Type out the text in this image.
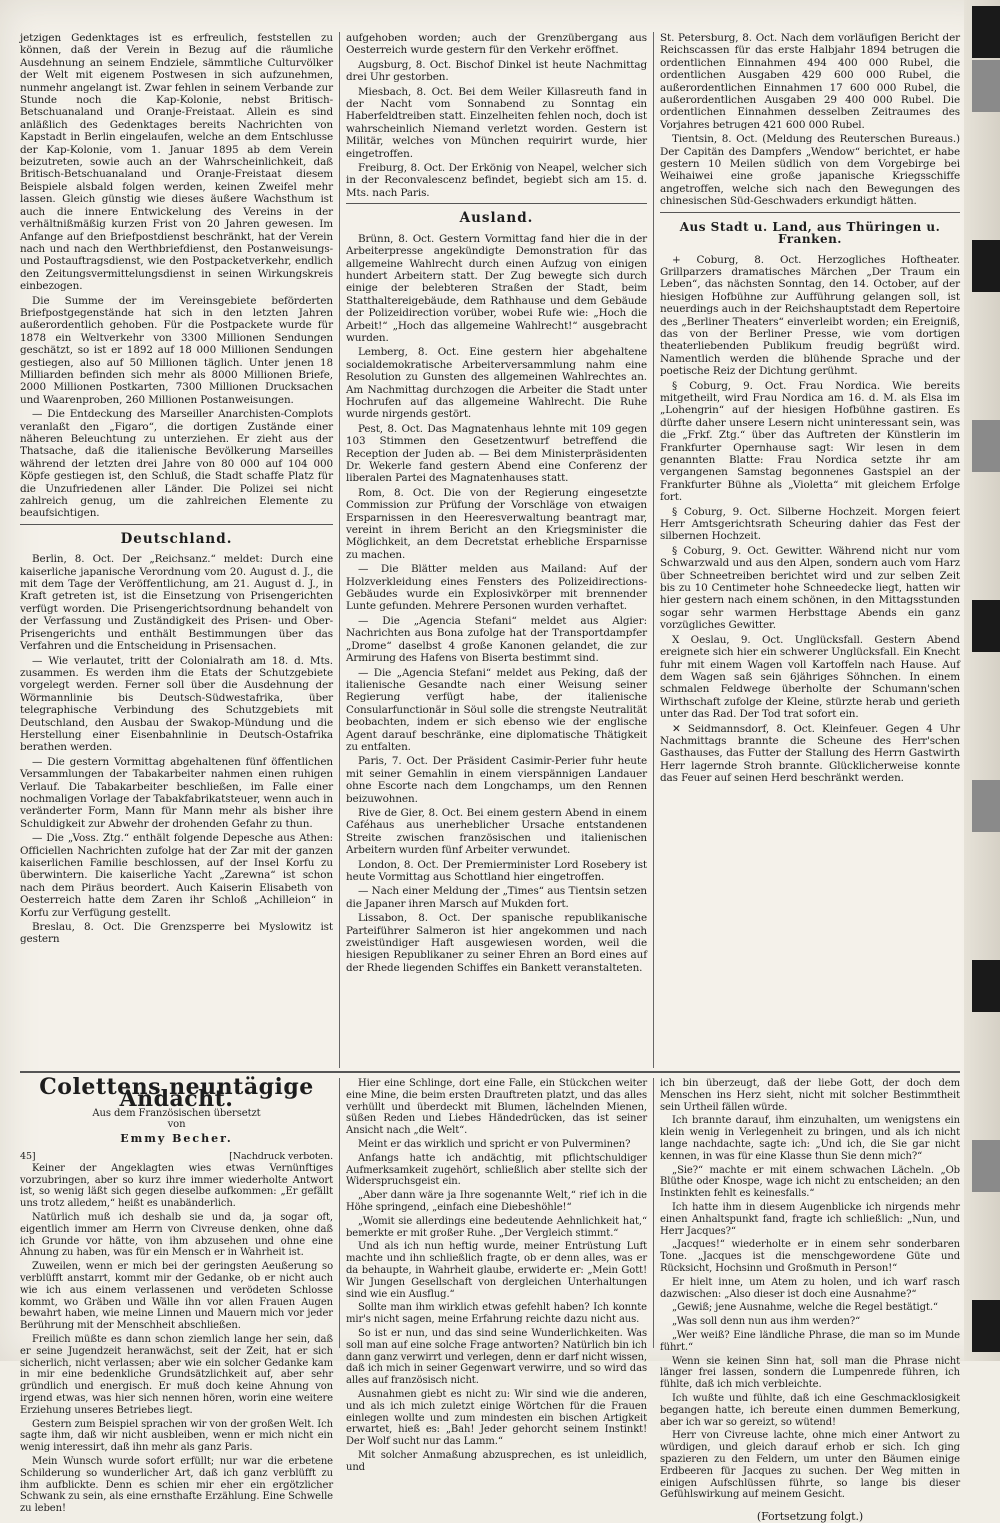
jetzigen Gedenktages ist es erfreulich, feststellen zu können, daß der Verein in Bezug auf die räumliche Ausdehnung an seinem Endziele, sämmtliche Culturvölker der Welt mit eigenem Postwesen in sich aufzunehmen, nunmehr angelangt ist. Zwar fehlen in seinem Verbande zur Stunde noch die Kap-Kolonie, nebst Britisch-Betschuanaland und Oranje-Freistaat. Allein es sind anläßlich des Gedenktages bereits Nachrichten von Kapstadt in Berlin eingelaufen, welche an dem Entschlusse der Kap-Kolonie, vom 1. Januar 1895 ab dem Verein beizutreten, sowie auch an der Wahrscheinlichkeit, daß Britisch-Betschuanaland und Oranje-Freistaat diesem Beispiele alsbald folgen werden, keinen Zweifel mehr lassen. Gleich günstig wie dieses äußere Wachsthum ist auch die innere Entwickelung des Vereins in der verhältnißmäßig kurzen Frist von 20 Jahren gewesen. Im Anfange auf den Briefpostdienst beschränkt, hat der Verein nach und nach den Werthbriefdienst, den Postanweisungs- und Postauftragsdienst, wie den Postpacketverkehr, endlich den Zeitungsvermittelungsdienst in seinen Wirkungskreis einbezogen.

Die Summe der im Vereinsgebiete beförderten Briefpostgegenstände hat sich in den letzten Jahren außerordentlich gehoben. Für die Postpackete wurde für 1878 ein Weltverkehr von 3300 Millionen Sendungen geschätzt, so ist er 1892 auf 18 000 Millionen Sendungen gestiegen, also auf 50 Millionen täglich. Unter jenen 18 Milliarden befinden sich mehr als 8000 Millionen Briefe, 2000 Millionen Postkarten, 7300 Millionen Drucksachen und Waarenproben, 260 Millionen Postanweisungen.

— Die Entdeckung des Marseiller Anarchisten-Complots veranlaßt den „Figaro“, die dortigen Zustände einer näheren Beleuchtung zu unterziehen. Er zieht aus der Thatsache, daß die italienische Bevölkerung Marseilles während der letzten drei Jahre von 80 000 auf 104 000 Köpfe gestiegen ist, den Schluß, die Stadt schaffe Platz für die Unzufriedenen aller Länder. Die Polizei sei nicht zahlreich genug, um die zahlreichen Elemente zu beaufsichtigen.

Deutschland.

Berlin, 8. Oct. Der „Reichsanz.“ meldet: Durch eine kaiserliche japanische Verordnung vom 20. August d. J., die mit dem Tage der Veröffentlichung, am 21. August d. J., in Kraft getreten ist, ist die Einsetzung von Prisengerichten verfügt worden. Die Prisengerichtsordnung behandelt von der Verfassung und Zuständigkeit des Prisen- und Ober-Prisengerichts und enthält Bestimmungen über das Verfahren und die Entscheidung in Prisensachen.

— Wie verlautet, tritt der Colonialrath am 18. d. Mts. zusammen. Es werden ihm die Etats der Schutzgebiete vorgelegt werden. Ferner soll über die Ausdehnung der Wörmannlinie bis Deutsch-Südwestafrika, über telegraphische Verbindung des Schutzgebiets mit Deutschland, den Ausbau der Swakop-Mündung und die Herstellung einer Eisenbahnlinie in Deutsch-Ostafrika berathen werden.

— Die gestern Vormittag abgehaltenen fünf öffentlichen Versammlungen der Tabakarbeiter nahmen einen ruhigen Verlauf. Die Tabakarbeiter beschließen, im Falle einer nochmaligen Vorlage der Tabakfabrikatsteuer, wenn auch in veränderter Form, Mann für Mann mehr als bisher ihre Schuldigkeit zur Abwehr der drohenden Gefahr zu thun.

— Die „Voss. Ztg.“ enthält folgende Depesche aus Athen: Officiellen Nachrichten zufolge hat der Zar mit der ganzen kaiserlichen Familie beschlossen, auf der Insel Korfu zu überwintern. Die kaiserliche Yacht „Zarewna“ ist schon nach dem Piräus beordert. Auch Kaiserin Elisabeth von Oesterreich hatte dem Zaren ihr Schloß „Achilleion“ in Korfu zur Verfügung gestellt.

Breslau, 8. Oct. Die Grenzsperre bei Myslowitz ist gestern

aufgehoben worden; auch der Grenzübergang aus Oesterreich wurde gestern für den Verkehr eröffnet.

Augsburg, 8. Oct. Bischof Dinkel ist heute Nachmittag drei Uhr gestorben.

Miesbach, 8. Oct. Bei dem Weiler Killasreuth fand in der Nacht vom Sonnabend zu Sonntag ein Haberfeldtreiben statt. Einzelheiten fehlen noch, doch ist wahrscheinlich Niemand verletzt worden. Gestern ist Militär, welches von München requirirt wurde, hier eingetroffen.

Freiburg, 8. Oct. Der Erkönig von Neapel, welcher sich in der Reconvalescenz befindet, begiebt sich am 15. d. Mts. nach Paris.

Ausland.

Brünn, 8. Oct. Gestern Vormittag fand hier die in der Arbeiterpresse angekündigte Demonstration für das allgemeine Wahlrecht durch einen Aufzug von einigen hundert Arbeitern statt. Der Zug bewegte sich durch einige der belebteren Straßen der Stadt, beim Statthaltereigebäude, dem Rathhause und dem Gebäude der Polizeidirection vorüber, wobei Rufe wie: „Hoch die Arbeit!“ „Hoch das allgemeine Wahlrecht!“ ausgebracht wurden.

Lemberg, 8. Oct. Eine gestern hier abgehaltene socialdemokratische Arbeiterversammlung nahm eine Resolution zu Gunsten des allgemeinen Wahlrechtes an. Am Nachmittag durchzogen die Arbeiter die Stadt unter Hochrufen auf das allgemeine Wahlrecht. Die Ruhe wurde nirgends gestört.

Pest, 8. Oct. Das Magnatenhaus lehnte mit 109 gegen 103 Stimmen den Gesetzentwurf betreffend die Reception der Juden ab. — Bei dem Ministerpräsidenten Dr. Wekerle fand gestern Abend eine Conferenz der liberalen Partei des Magnatenhauses statt.

Rom, 8. Oct. Die von der Regierung eingesetzte Commission zur Prüfung der Vorschläge von etwaigen Ersparnissen in den Heeresverwaltung beantragt mar, vereint in ihrem Bericht an den Kriegsminister die Möglichkeit, an dem Decretstat erhebliche Ersparnisse zu machen.

— Die Blätter melden aus Mailand: Auf der Holzverkleidung eines Fensters des Polizeidirections-Gebäudes wurde ein Explosivkörper mit brennender Lunte gefunden. Mehrere Personen wurden verhaftet.

— Die „Agencia Stefani“ meldet aus Algier: Nachrichten aus Bona zufolge hat der Transportdampfer „Drome“ daselbst 4 große Kanonen gelandet, die zur Armirung des Hafens von Biserta bestimmt sind.

— Die „Agencia Stefani“ meldet aus Peking, daß der italienische Gesandte nach einer Weisung seiner Regierung verfügt habe, der italienische Consularfunctionär in Söul solle die strengste Neutralität beobachten, indem er sich ebenso wie der englische Agent darauf beschränke, eine diplomatische Thätigkeit zu entfalten.

Paris, 7. Oct. Der Präsident Casimir-Perier fuhr heute mit seiner Gemahlin in einem vierspännigen Landauer ohne Escorte nach dem Longchamps, um den Rennen beizuwohnen.

Rive de Gier, 8. Oct. Bei einem gestern Abend in einem Caféhaus aus unerheblicher Ursache entstandenen Streite zwischen französischen und italienischen Arbeitern wurden fünf Arbeiter verwundet.

London, 8. Oct. Der Premierminister Lord Rosebery ist heute Vormittag aus Schottland hier eingetroffen.

— Nach einer Meldung der „Times“ aus Tientsin setzen die Japaner ihren Marsch auf Mukden fort.

Lissabon, 8. Oct. Der spanische republikanische Parteiführer Salmeron ist hier angekommen und nach zweistündiger Haft ausgewiesen worden, weil die hiesigen Republikaner zu seiner Ehren an Bord eines auf der Rhede liegenden Schiffes ein Bankett veranstalteten.

St. Petersburg, 8. Oct. Nach dem vorläufigen Bericht der Reichscassen für das erste Halbjahr 1894 betrugen die ordentlichen Einnahmen 494 400 000 Rubel, die ordentlichen Ausgaben 429 600 000 Rubel, die außerordentlichen Einnahmen 17 600 000 Rubel, die außerordentlichen Ausgaben 29 400 000 Rubel. Die ordentlichen Einnahmen desselben Zeitraumes des Vorjahres betrugen 421 600 000 Rubel.

Tientsin, 8. Oct. (Meldung des Reuterschen Bureaus.) Der Capitän des Dampfers „Wendow“ berichtet, er habe gestern 10 Meilen südlich von dem Vorgebirge bei Weihaiwei eine große japanische Kriegsschiffe angetroffen, welche sich nach den Bewegungen des chinesischen Süd-Geschwaders erkundigt hätten.

Aus Stadt u. Land, aus Thüringen u. Franken.

+ Coburg, 8. Oct. Herzogliches Hoftheater. Grillparzers dramatisches Märchen „Der Traum ein Leben“, das nächsten Sonntag, den 14. October, auf der hiesigen Hofbühne zur Aufführung gelangen soll, ist neuerdings auch in der Reichshauptstadt dem Repertoire des „Berliner Theaters“ einverleibt worden; ein Ereigniß, das von der Berliner Presse, wie vom dortigen theaterliebenden Publikum freudig begrüßt wird. Namentlich werden die blühende Sprache und der poetische Reiz der Dichtung gerühmt.

§ Coburg, 9. Oct. Frau Nordica. Wie bereits mitgetheilt, wird Frau Nordica am 16. d. M. als Elsa im „Lohengrin“ auf der hiesigen Hofbühne gastiren. Es dürfte daher unsere Lesern nicht uninteressant sein, was die „Frkf. Ztg.“ über das Auftreten der Künstlerin im Frankfurter Opernhause sagt: Wir lesen in dem genannten Blatte: Frau Nordica setzte ihr am vergangenen Samstag begonnenes Gastspiel an der Frankfurter Bühne als „Violetta“ mit gleichem Erfolge fort.

§ Coburg, 9. Oct. Silberne Hochzeit. Morgen feiert Herr Amtsgerichtsrath Scheuring dahier das Fest der silbernen Hochzeit.

§ Coburg, 9. Oct. Gewitter. Während nicht nur vom Schwarzwald und aus den Alpen, sondern auch vom Harz über Schneetreiben berichtet wird und zur selben Zeit bis zu 10 Centimeter hohe Schneedecke liegt, hatten wir hier gestern nach einem schönen, in den Mittagsstunden sogar sehr warmen Herbsttage Abends ein ganz vorzügliches Gewitter.

X Oeslau, 9. Oct. Unglücksfall. Gestern Abend ereignete sich hier ein schwerer Unglücksfall. Ein Knecht fuhr mit einem Wagen voll Kartoffeln nach Hause. Auf dem Wagen saß sein 6jähriges Söhnchen. In einem schmalen Feldwege überholte der Schumann'schen Wirthschaft zufolge der Kleine, stürzte herab und gerieth unter das Rad. Der Tod trat sofort ein.

✕ Seidmannsdorf, 8. Oct. Kleinfeuer. Gegen 4 Uhr Nachmittags brannte die Scheune des Herr'schen Gasthauses, das Futter der Stallung des Herrn Gastwirth Herr lagernde Stroh brannte. Glücklicherweise konnte das Feuer auf seinen Herd beschränkt werden.

Colettens neuntägige Andacht.
Aus dem Französischen übersetzt
von
Emmy Becher.
45]	[Nachdruck verboten.

Keiner der Angeklagten wies etwas Vernünftiges vorzubringen, aber so kurz ihre immer wiederholte Antwort ist, so wenig läßt sich gegen dieselbe aufkommen: „Er gefällt uns trotz alledem,“ heißt es unabänderlich.

Natürlich muß ich deshalb sie und da, ja sogar oft, eigentlich immer am Herrn von Civreuse denken, ohne daß ich Grunde vor hätte, von ihm abzusehen und ohne eine Ahnung zu haben, was für ein Mensch er in Wahrheit ist.

Zuweilen, wenn er mich bei der geringsten Aeußerung so verblüfft anstarrt, kommt mir der Gedanke, ob er nicht auch wie ich aus einem verlassenen und verödeten Schlosse kommt, wo Gräben und Wälle ihn vor allen Frauen Augen bewahrt haben, wie meine Linnen und Mauern mich vor jeder Berührung mit der Menschheit abschließen.

Freilich müßte es dann schon ziemlich lange her sein, daß er seine Jugendzeit heranwächst, seit der Zeit, hat er sich sicherlich, nicht verlassen; aber wie ein solcher Gedanke kam in mir eine bedenkliche Grundsätzlichkeit auf, aber sehr gründlich und energisch. Er muß doch keine Ahnung von irgend etwas, was hier sich nennen hören, worin eine weitere Erziehung unseres Betriebes liegt.

Gestern zum Beispiel sprachen wir von der großen Welt. Ich sagte ihm, daß wir nicht ausbleiben, wenn er mich nicht ein wenig interessirt, daß ihn mehr als ganz Paris.

Mein Wunsch wurde sofort erfüllt; nur war die erbetene Schilderung so wunderlicher Art, daß ich ganz verblüfft zu ihm aufblickte. Denn es schien mir eher ein ergötzlicher Schwank zu sein, als eine ernsthafte Erzählung. Eine Schwelle zu leben!

Hier eine Schlinge, dort eine Falle, ein Stückchen weiter eine Mine, die beim ersten Drauftreten platzt, und das alles verhüllt und überdeckt mit Blumen, lächelnden Mienen, süßen Reden und Liebes Händedrücken, das ist seiner Ansicht nach „die Welt“.

Meint er das wirklich und spricht er von Pulverminen?

Anfangs hatte ich andächtig, mit pflichtschuldiger Aufmerksamkeit zugehört, schließlich aber stellte sich der Widerspruchsgeist ein.

„Aber dann wäre ja Ihre sogenannte Welt,“ rief ich in die Höhe springend, „einfach eine Diebeshöhle!“

„Womit sie allerdings eine bedeutende Aehnlichkeit hat,“ bemerkte er mit großer Ruhe. „Der Vergleich stimmt.“

Und als ich nun heftig wurde, meiner Entrüstung Luft machte und ihn schließlich fragte, ob er denn alles, was er da behaupte, in Wahrheit glaube, erwiderte er: „Mein Gott! Wir Jungen Gesellschaft von dergleichen Unterhaltungen sind wie ein Ausflug.“

Sollte man ihm wirklich etwas gefehlt haben? Ich konnte mir's nicht sagen, meine Erfahrung reichte dazu nicht aus.

So ist er nun, und das sind seine Wunderlichkeiten. Was soll man auf eine solche Frage antworten? Natürlich bin ich dann ganz verwirrt und verlegen, denn er darf nicht wissen, daß ich mich in seiner Gegenwart verwirre, und so wird das alles auf französisch nicht.

Ausnahmen giebt es nicht zu: Wir sind wie die anderen, und als ich mich zuletzt einige Wörtchen für die Frauen einlegen wollte und zum mindesten ein bischen Artigkeit erwartet, hieß es: „Bah! Jeder gehorcht seinem Instinkt! Der Wolf sucht nur das Lamm.“

Mit solcher Anmaßung abzusprechen, es ist unleidlich, und

ich bin überzeugt, daß der liebe Gott, der doch dem Menschen ins Herz sieht, nicht mit solcher Bestimmtheit sein Urtheil fällen würde.

Ich brannte darauf, ihm einzuhalten, um wenigstens ein klein wenig in Verlegenheit zu bringen, und als ich nicht lange nachdachte, sagte ich: „Und ich, die Sie gar nicht kennen, in was für eine Klasse thun Sie denn mich?“

„Sie?“ machte er mit einem schwachen Lächeln. „Ob Blüthe oder Knospe, wage ich nicht zu entscheiden; an den Instinkten fehlt es keinesfalls.“

Ich hatte ihm in diesem Augenblicke ich nirgends mehr einen Anhaltspunkt fand, fragte ich schließlich: „Nun, und Herr Jacques?“

„Jacques!“ wiederholte er in einem sehr sonderbaren Tone. „Jacques ist die menschgewordene Güte und Rücksicht, Hochsinn und Großmuth in Person!“

Er hielt inne, um Atem zu holen, und ich warf rasch dazwischen: „Also dieser ist doch eine Ausnahme?“

„Gewiß; jene Ausnahme, welche die Regel bestätigt.“

„Was soll denn nun aus ihm werden?“

„Wer weiß? Eine ländliche Phrase, die man so im Munde führt.“

Wenn sie keinen Sinn hat, soll man die Phrase nicht länger frei lassen, sondern die Lumpenrede führen, ich fühlte, daß ich mich verbleichte.

Ich wußte und fühlte, daß ich eine Geschmacklosigkeit begangen hatte, ich bereute einen dummen Bemerkung, aber ich war so gereizt, so wütend!

Herr von Civreuse lachte, ohne mich einer Antwort zu würdigen, und gleich darauf erhob er sich. Ich ging spazieren zu den Feldern, um unter den Bäumen einige Erdbeeren für Jacques zu suchen. Der Weg mitten in einigen Aufschlüssen führte, so lange bis dieser Gefühlswirkung auf meinem Gesicht.

(Fortsetzung folgt.)
